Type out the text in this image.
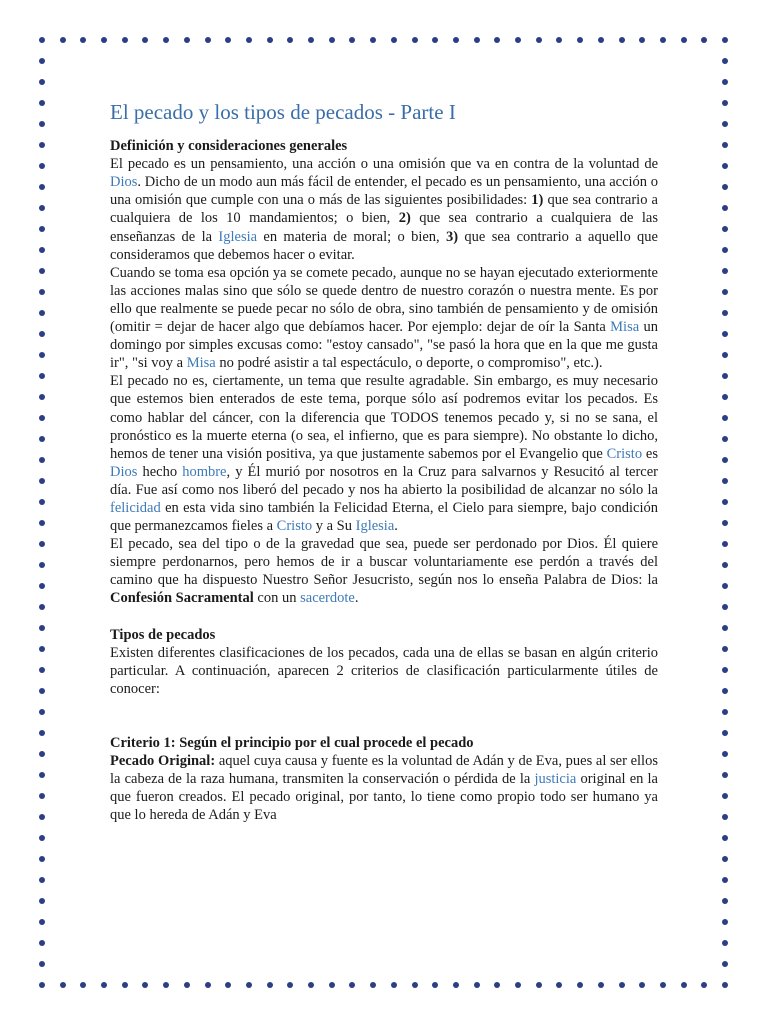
El pecado y los tipos de pecados - Parte I
Definición y consideraciones generales

El pecado es un pensamiento, una acción o una omisión que va en contra de la voluntad de Dios. Dicho de un modo aun más fácil de entender, el pecado es un pensamiento, una acción o una omisión que cumple con una o más de las siguientes posibilidades: 1) que sea contrario a cualquiera de los 10 mandamientos; o bien, 2) que sea contrario a cualquiera de las enseñanzas de la Iglesia en materia de moral; o bien, 3) que sea contrario a aquello que consideramos que debemos hacer o evitar.

Cuando se toma esa opción ya se comete pecado, aunque no se hayan ejecutado exteriormente las acciones malas sino que sólo se quede dentro de nuestro corazón o nuestra mente. Es por ello que realmente se puede pecar no sólo de obra, sino también de pensamiento y de omisión (omitir = dejar de hacer algo que debíamos hacer. Por ejemplo: dejar de oír la Santa Misa un domingo por simples excusas como: "estoy cansado", "se pasó la hora que en la que me gusta ir", "si voy a Misa no podré asistir a tal espectáculo, o deporte, o compromiso", etc.).

El pecado no es, ciertamente, un tema que resulte agradable. Sin embargo, es muy necesario que estemos bien enterados de este tema, porque sólo así podremos evitar los pecados. Es como hablar del cáncer, con la diferencia que TODOS tenemos pecado y, si no se sana, el pronóstico es la muerte eterna (o sea, el infierno, que es para siempre). No obstante lo dicho, hemos de tener una visión positiva, ya que justamente sabemos por el Evangelio que Cristo es Dios hecho hombre, y Él murió por nosotros en la Cruz para salvarnos y Resucitó al tercer día. Fue así como nos liberó del pecado y nos ha abierto la posibilidad de alcanzar no sólo la felicidad en esta vida sino también la Felicidad Eterna, el Cielo para siempre, bajo condición que permanezcamos fieles a Cristo y a Su Iglesia.

El pecado, sea del tipo o de la gravedad que sea, puede ser perdonado por Dios. Él quiere siempre perdonarnos, pero hemos de ir a buscar voluntariamente ese perdón a través del camino que ha dispuesto Nuestro Señor Jesucristo, según nos lo enseña Palabra de Dios: la Confesión Sacramental con un sacerdote.

Tipos de pecados

Existen diferentes clasificaciones de los pecados, cada una de ellas se basan en algún criterio particular. A continuación, aparecen 2 criterios de clasificación particularmente útiles de conocer:

Criterio 1: Según el principio por el cual procede el pecado

Pecado Original: aquel cuya causa y fuente es la voluntad de Adán y de Eva, pues al ser ellos la cabeza de la raza humana, transmiten la conservación o pérdida de la justicia original en la que fueron creados. El pecado original, por tanto, lo tiene como propio todo ser humano ya que lo hereda de Adán y Eva
